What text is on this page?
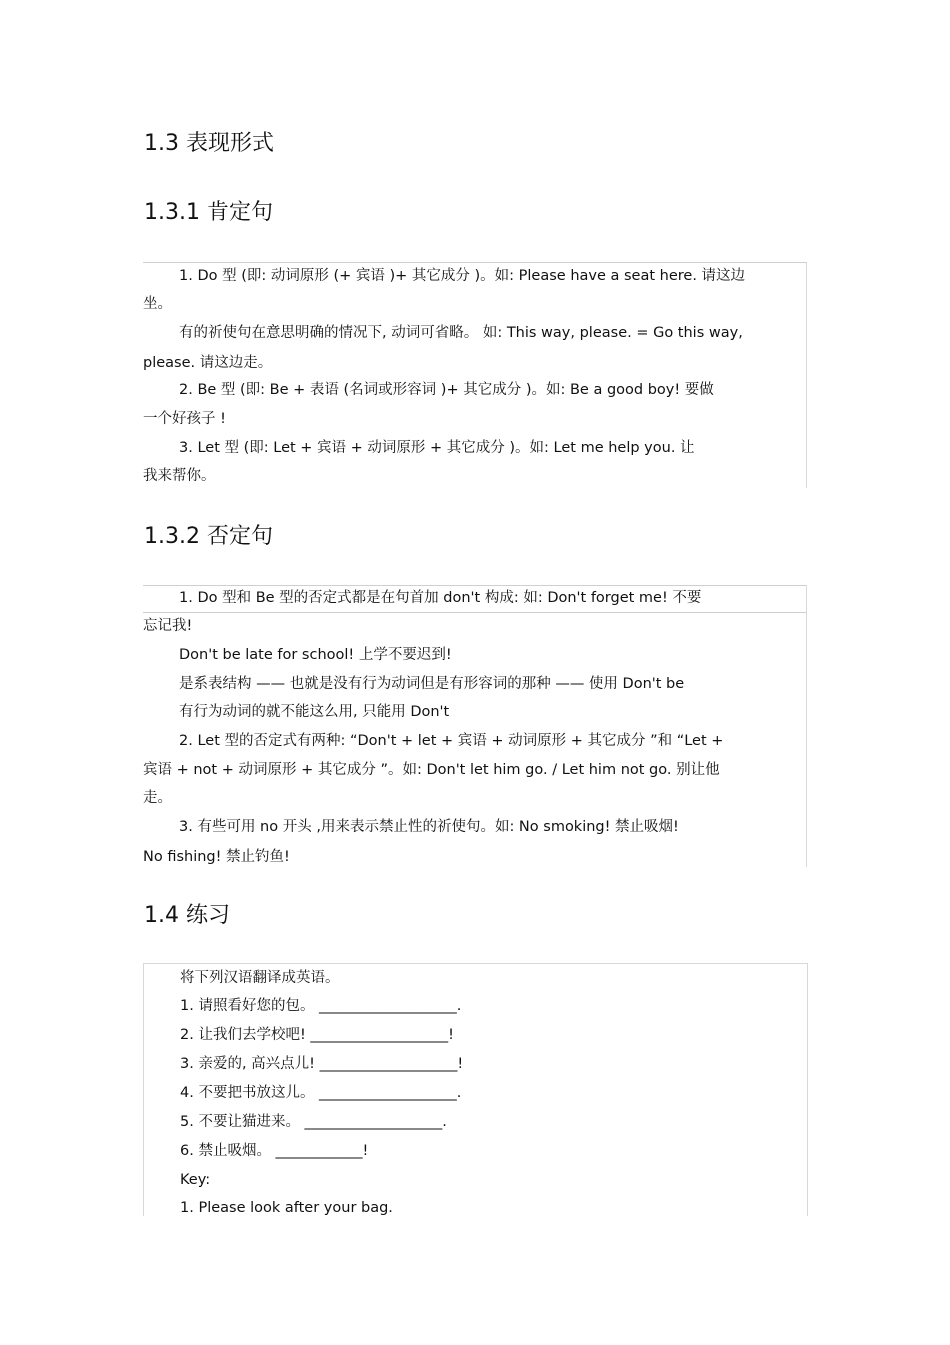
1.3 表现形式
1.3.1 肯定句
1. Do 型 (即: 动词原形 (+ 宾语 )+ 其它成分 )。如: Please have a seat here. 请这边
坐。
有的祈使句在意思明确的情况下, 动词可省略。 如: This way, please. = Go this way,
please. 请这边走。
2. Be 型 (即: Be + 表语 (名词或形容词 )+ 其它成分 )。如: Be a good boy! 要做
一个好孩子 !
3. Let 型 (即: Let + 宾语 + 动词原形 + 其它成分 )。如: Let me help you. 让
我来帮你。
1.3.2 否定句
1. Do 型和 Be 型的否定式都是在句首加 don't 构成: 如: Don't forget me! 不要
忘记我!
Don't be late for school! 上学不要迟到!
是系表结构 —— 也就是没有行为动词但是有形容词的那种 —— 使用 Don't be
有行为动词的就不能这么用, 只能用 Don't
2. Let 型的否定式有两种: “Don't + let + 宾语 + 动词原形 + 其它成分 ”和 “Let +
宾语 + not + 动词原形 + 其它成分 ”。如: Don't let him go. / Let him not go. 别让他
走。
3. 有些可用 no 开头 ,用来表示禁止性的祈使句。如: No smoking! 禁止吸烟!
No fishing! 禁止钓鱼!
1.4 练习
将下列汉语翻译成英语。
1. 请照看好您的包。 ___________________.
2. 让我们去学校吧! ___________________!
3. 亲爱的, 高兴点儿! ___________________!
4. 不要把书放这儿。 ___________________.
5. 不要让猫进来。 ___________________.
6. 禁止吸烟。 ____________!
Key:
1. Please look after your bag.
